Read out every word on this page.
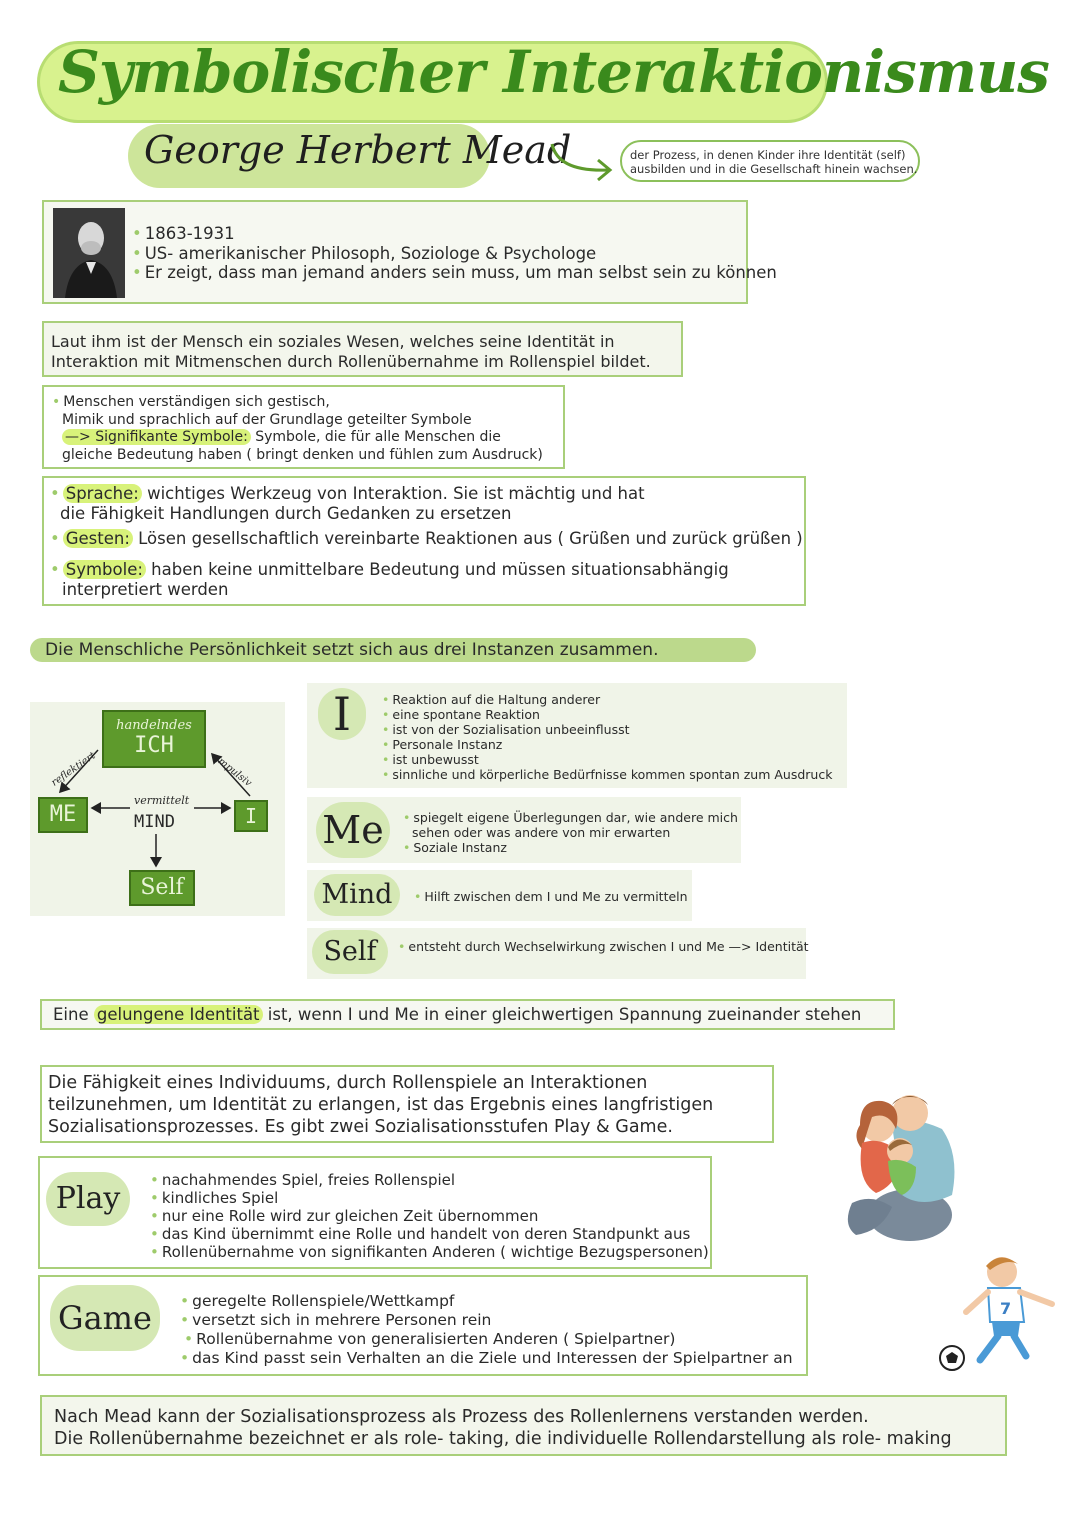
Symbolischer Interaktionismus
George Herbert Mead	der Prozess, in denen Kinder ihre Identität (self)
ausbilden und in die Gesellschaft hinein wachsen.
• 1863-1931
• US- amerikanischer Philosoph, Soziologe & Psychologe
• Er zeigt, dass man jemand anders sein muss, um man selbst sein zu können
Laut ihm ist der Mensch ein soziales Wesen, welches seine Identität in
Interaktion mit Mitmenschen durch Rollenübernahme im Rollenspiel bildet.
• Menschen verständigen sich gestisch,
Mimik und sprachlich auf der Grundlage geteilter Symbole
—> Signifikante Symbole: Symbole, die für alle Menschen die
gleiche Bedeutung haben ( bringt denken und fühlen zum Ausdruck)
• Sprache: wichtiges Werkzeug von Interaktion. Sie ist mächtig und hat
die Fähigkeit Handlungen durch Gedanken zu ersetzen
• Gesten: Lösen gesellschaftlich vereinbarte Reaktionen aus ( Grüßen und zurück grüßen )
• Symbole: haben keine unmittelbare Bedeutung und müssen situationsabhängig
interpretiert werden
Die Menschliche Persönlichkeit setzt sich aus drei Instanzen zusammen.
handelndes
ICH
ME	I
vermittelt
MIND
Self
reflektiert	impulsiv
I	• Reaktion auf die Haltung anderer
• eine spontane Reaktion
• ist von der Sozialisation unbeeinflusst
• Personale Instanz
• ist unbewusst
• sinnliche und körperliche Bedürfnisse kommen spontan zum Ausdruck
Me	• spiegelt eigene Überlegungen dar, wie andere mich
sehen oder was andere von mir erwarten
• Soziale Instanz
Mind	• Hilft zwischen dem I und Me zu vermitteln
Self	• entsteht durch Wechselwirkung zwischen I und Me —> Identität
Eine gelungene Identität ist, wenn I und Me in einer gleichwertigen Spannung zueinander stehen
Die Fähigkeit eines Individuums, durch Rollenspiele an Interaktionen
teilzunehmen, um Identität zu erlangen, ist das Ergebnis eines langfristigen
Sozialisationsprozesses. Es gibt zwei Sozialisationsstufen Play & Game.
Play
• nachahmendes Spiel, freies Rollenspiel
• kindliches Spiel
• nur eine Rolle wird zur gleichen Zeit übernommen
• das Kind übernimmt eine Rolle und handelt von deren Standpunkt aus
• Rollenübernahme von signifikanten Anderen ( wichtige Bezugspersonen)
Game	• geregelte Rollenspiele/Wettkampf
• versetzt sich in mehrere Personen rein
• Rollenübernahme von generalisierten Anderen ( Spielpartner)
• das Kind passt sein Verhalten an die Ziele und Interessen der Spielpartner an
7
Nach Mead kann der Sozialisationsprozess als Prozess des Rollenlernens verstanden werden.
Die Rollenübernahme bezeichnet er als role- taking, die individuelle Rollendarstellung als role- making
